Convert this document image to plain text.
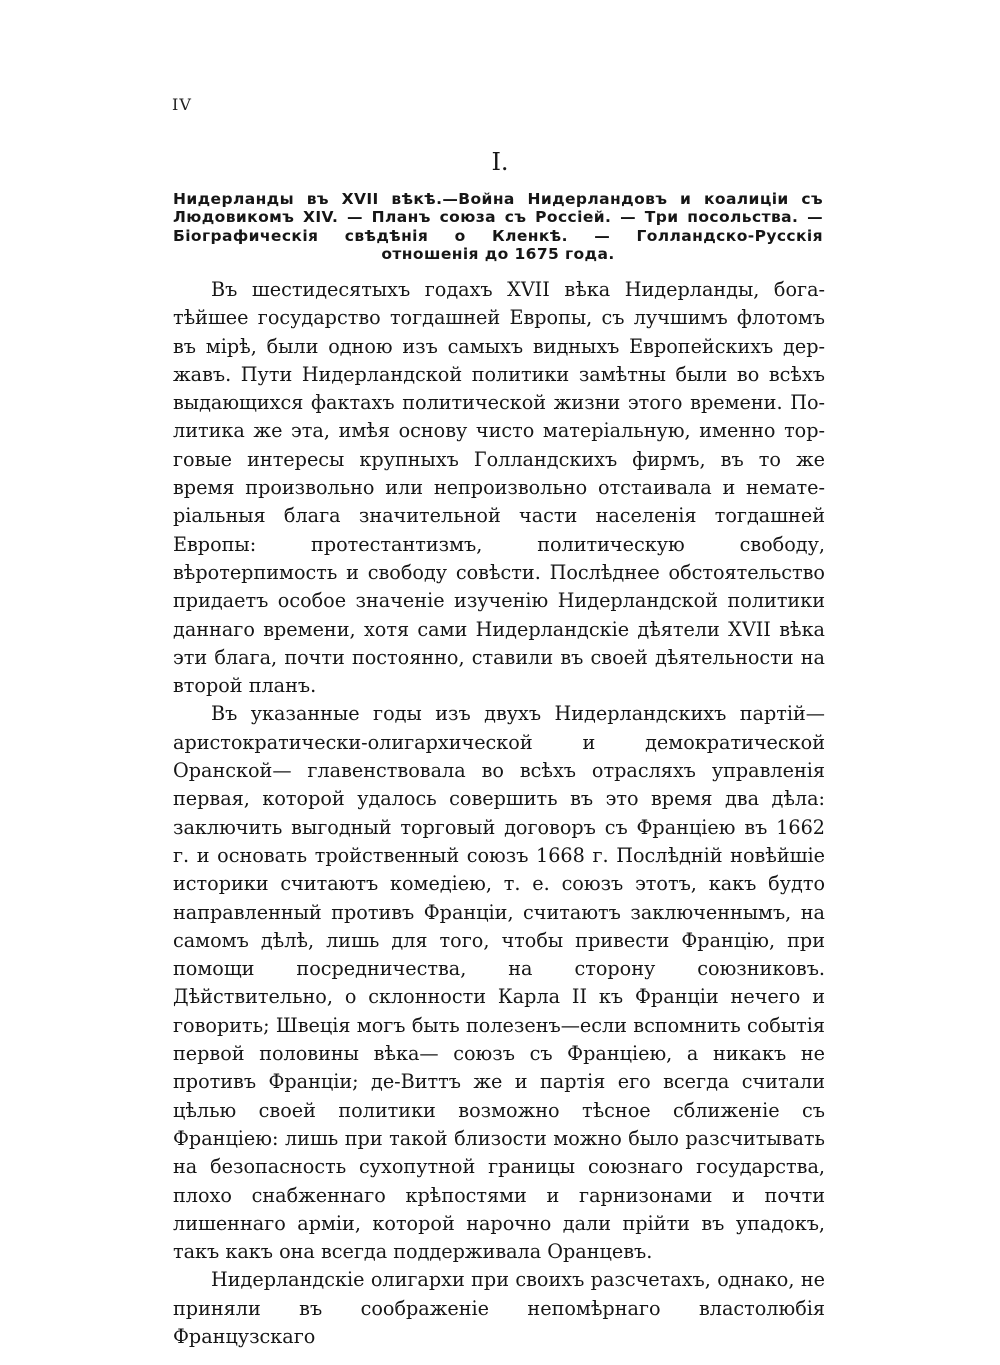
IV
I.
Нидерланды въ XVII вѣкѣ.—Война Нидерландовъ и коалиціи съ Людовикомъ XIV. — Планъ союза съ Россіей. — Три посольства. — Біографическія свѣдѣнія о Кленкѣ. — Голландско-Русскія отношенія до 1675 года.

Въ шестидесятыхъ годахъ XVII вѣка Нидерланды, богатѣйшее государство тогдашней Европы, съ лучшимъ флотомъ въ мірѣ, были одною изъ самыхъ видныхъ Европейскихъ державъ. Пути Нидерландской политики замѣтны были во всѣхъ выдающихся фактахъ политической жизни этого времени. Политика же эта, имѣя основу чисто матеріальную, именно торговые интересы крупныхъ Голландскихъ фирмъ, въ то же время произвольно или непроизвольно отстаивала и нематеріальныя блага значительной части населенія тогдашней Европы: протестантизмъ, политическую свободу, вѣротерпимость и свободу совѣсти. Послѣднее обстоятельство придаетъ особое значеніе изученію Нидерландской политики даннаго времени, хотя сами Нидерландскіе дѣятели XVII вѣка эти блага, почти постоянно, ставили въ своей дѣятельности на второй планъ.

Въ указанные годы изъ двухъ Нидерландскихъ партій— аристократически-олигархической и демократической Оранской— главенствовала во всѣхъ отрасляхъ управленія первая, которой удалось совершить въ это время два дѣла: заключить выгодный торговый договоръ съ Франціею въ 1662 г. и основать тройственный союзъ 1668 г. Послѣдній новѣйшіе историки считаютъ комедіею, т. е. союзъ этотъ, какъ будто направленный противъ Франціи, считаютъ заключеннымъ, на самомъ дѣлѣ, лишь для того, чтобы привести Францію, при помощи посредничества, на сторону союзниковъ. Дѣйствительно, о склонности Карла II къ Франціи нечего и говорить; Швеція могъ быть полезенъ—если вспомнить событія первой половины вѣка— союзъ съ Франціею, а никакъ не противъ Франціи; де-Виттъ же и партія его всегда считали цѣлью своей политики возможно тѣсное сближеніе съ Франціею: лишь при такой близости можно было разсчитывать на безопасность сухопутной границы союзнаго государства, плохо снабженнаго крѣпостями и гарнизонами и почти лишеннаго арміи, которой нарочно дали прійти въ упадокъ, такъ какъ она всегда поддерживала Оранцевъ.

Нидерландскіе олигархи при своихъ разсчетахъ, однако, не приняли въ соображеніе непомѣрнаго властолюбія Французскаго
